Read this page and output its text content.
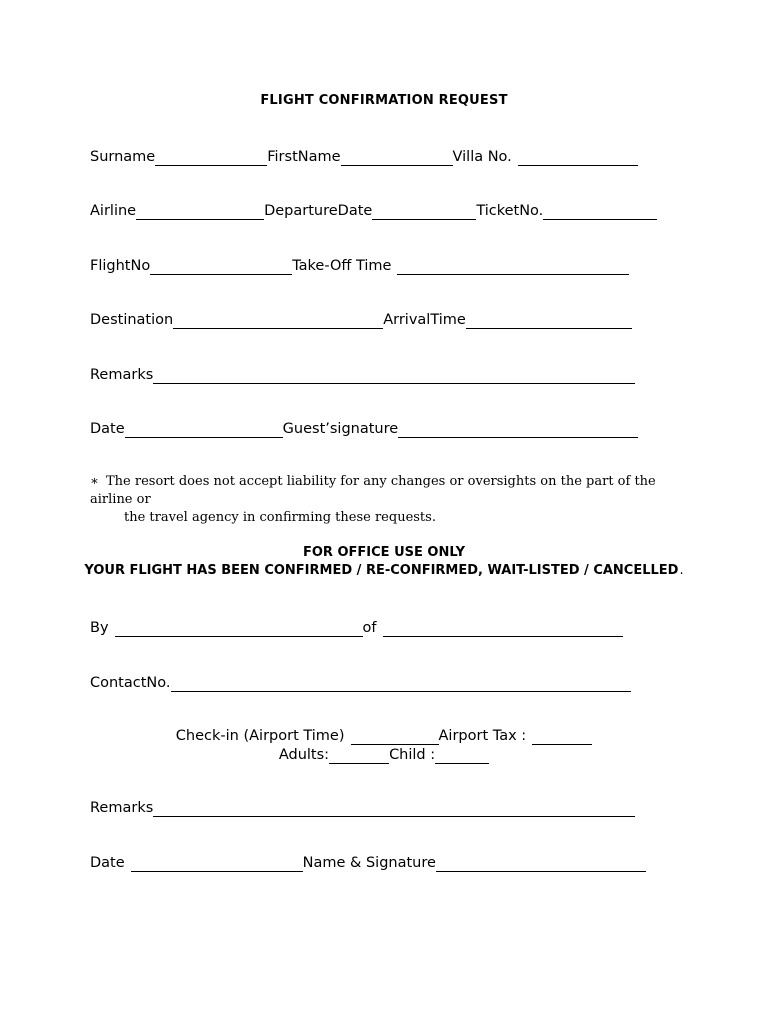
FLIGHT CONFIRMATION REQUEST
Surname	FirstName	Villa No.
Airline	DepartureDate	TicketNo.
FlightNo	Take-Off Time
Destination	ArrivalTime
Remarks
Date	Guest’signature
∗ The resort does not accept liability for any changes or oversights on the part of the airline or
the travel agency in confirming these requests.
FOR OFFICE USE ONLY
YOUR FLIGHT HAS BEEN CONFIRMED / RE-CONFIRMED, WAIT-LISTED / CANCELLED.
By	of
ContactNo.
Check-in (Airport Time)	Airport Tax :
Adults:	Child :
Remarks
Date	Name & Signature
